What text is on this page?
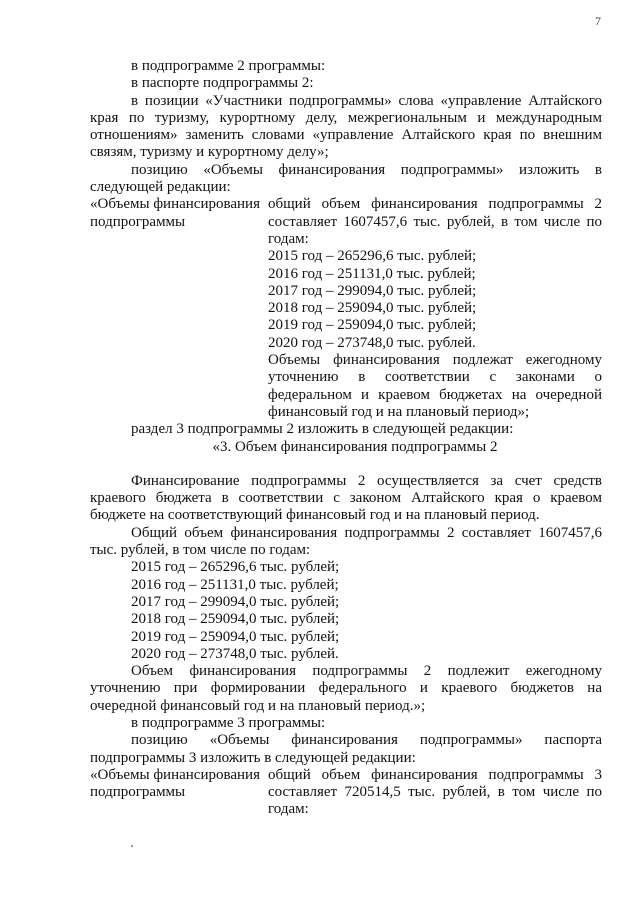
7

в подпрограмме 2 программы:

в паспорте подпрограммы 2:

в позиции «Участники подпрограммы» слова «управление Алтайского края по туризму, курортному делу, межрегиональным и международным отношениям» заменить словами «управление Алтайского края по внешним связям, туризму и курортному делу»;

позицию «Объемы финансирования подпрограммы» изложить в следующей редакции:

«Объемы финансирования подпрограммы

общий объем финансирования подпрограммы 2 составляет 1607457,6 тыс. рублей, в том числе по годам:

2015 год – 265296,6 тыс. рублей;

2016 год – 251131,0 тыс. рублей;

2017 год – 299094,0 тыс. рублей;

2018 год – 259094,0 тыс. рублей;

2019 год – 259094,0 тыс. рублей;

2020 год – 273748,0 тыс. рублей.

Объемы финансирования подлежат ежегодному уточнению в соответствии с законами о федеральном и краевом бюджетах на очередной финансовый год и на плановый период»;

раздел 3 подпрограммы 2 изложить в следующей редакции:

«3. Объем финансирования подпрограммы 2

Финансирование подпрограммы 2 осуществляется за счет средств краевого бюджета в соответствии с законом Алтайского края о краевом бюджете на соответствующий финансовый год и на плановый период.

Общий объем финансирования подпрограммы 2 составляет 1607457,6 тыс. рублей, в том числе по годам:

2015 год – 265296,6 тыс. рублей;

2016 год – 251131,0 тыс. рублей;

2017 год – 299094,0 тыс. рублей;

2018 год – 259094,0 тыс. рублей;

2019 год – 259094,0 тыс. рублей;

2020 год – 273748,0 тыс. рублей.

Объем финансирования подпрограммы 2 подлежит ежегодному уточнению при формировании федерального и краевого бюджетов на очередной финансовый год и на плановый период.»;

в подпрограмме 3 программы:

позицию «Объемы финансирования подпрограммы» паспорта подпрограммы 3 изложить в следующей редакции:

«Объемы финансирования подпрограммы

общий объем финансирования подпрограммы 3 составляет 720514,5 тыс. рублей, в том числе по годам:
